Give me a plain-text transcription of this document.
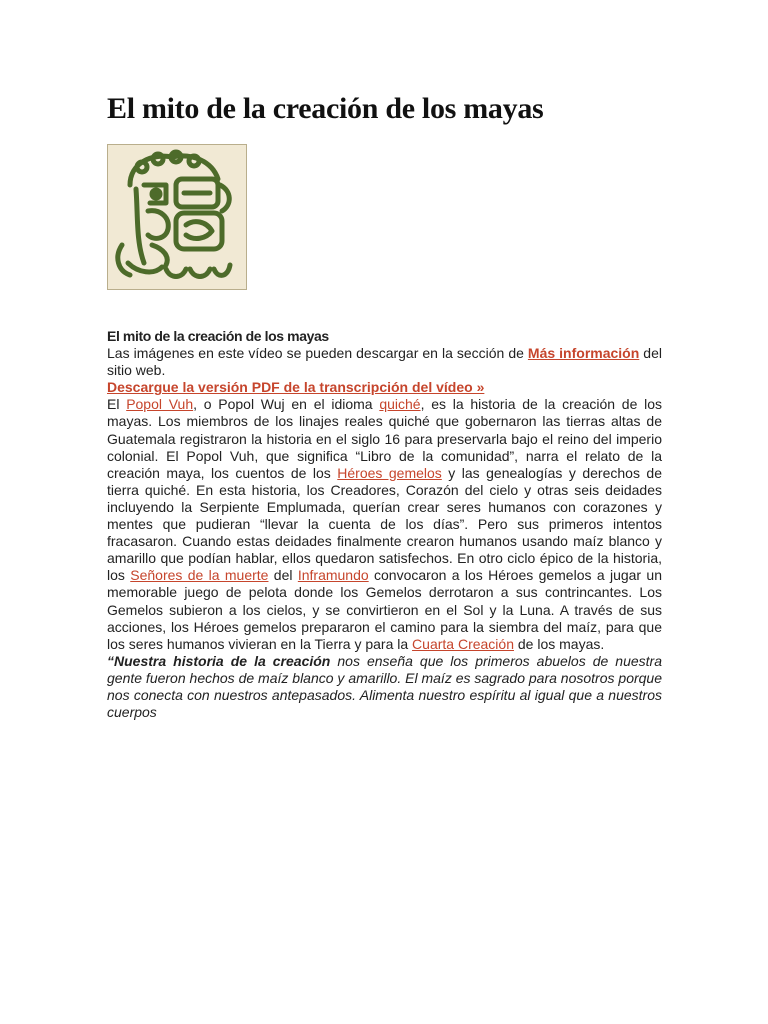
El mito de la creación de los mayas

El mito de la creación de los mayas

Las imágenes en este vídeo se pueden descargar en la sección de Más información del sitio web.

Descargue la versión PDF de la transcripción del vídeo »

El Popol Vuh, o Popol Wuj en el idioma quiché, es la historia de la creación de los mayas. Los miembros de los linajes reales quiché que gobernaron las tierras altas de Guatemala registraron la historia en el siglo 16 para preservarla bajo el reino del imperio colonial. El Popol Vuh, que significa “Libro de la comunidad”, narra el relato de la creación maya, los cuentos de los Héroes gemelos y las genealogías y derechos de tierra quiché. En esta historia, los Creadores, Corazón del cielo y otras seis deidades incluyendo la Serpiente Emplumada, querían crear seres humanos con corazones y mentes que pudieran “llevar la cuenta de los días”. Pero sus primeros intentos fracasaron. Cuando estas deidades finalmente crearon humanos usando maíz blanco y amarillo que podían hablar, ellos quedaron satisfechos. En otro ciclo épico de la historia, los Señores de la muerte del Inframundo convocaron a los Héroes gemelos a jugar un memorable juego de pelota donde los Gemelos derrotaron a sus contrincantes. Los Gemelos subieron a los cielos, y se convirtieron en el Sol y la Luna. A través de sus acciones, los Héroes gemelos prepararon el camino para la siembra del maíz, para que los seres humanos vivieran en la Tierra y para la Cuarta Creación de los mayas.

“Nuestra historia de la creación nos enseña que los primeros abuelos de nuestra gente fueron hechos de maíz blanco y amarillo. El maíz es sagrado para nosotros porque nos conecta con nuestros antepasados. Alimenta nuestro espíritu al igual que a nuestros cuerpos
